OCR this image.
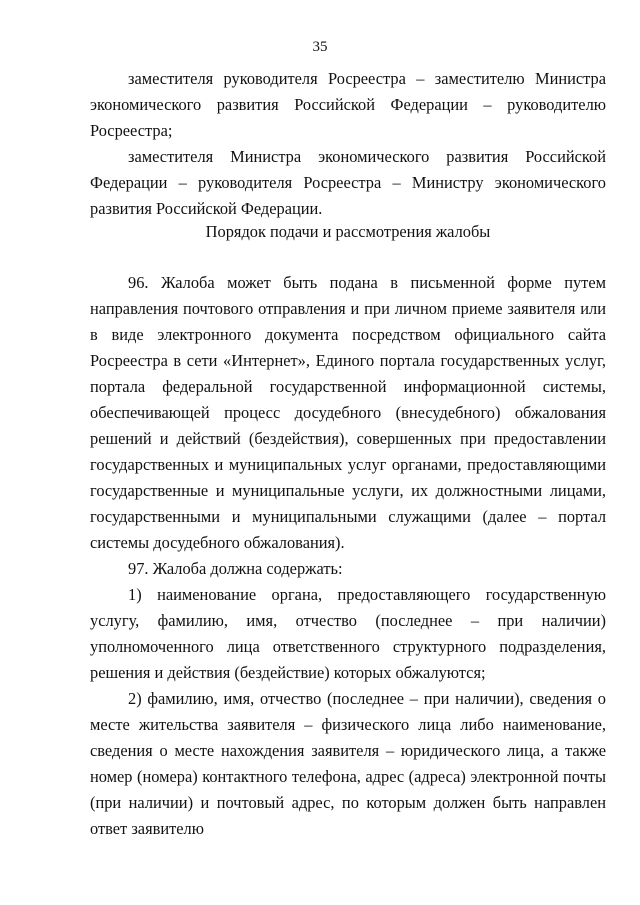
35

заместителя руководителя Росреестра – заместителю Министра экономического развития Российской Федерации – руководителю Росреестра;

заместителя Министра экономического развития Российской Федерации – руководителя Росреестра – Министру экономического развития Российской Федерации.

Порядок подачи и рассмотрения жалобы

96. Жалоба может быть подана в письменной форме путем направления почтового отправления и при личном приеме заявителя или в виде электронного документа посредством официального сайта Росреестра в сети «Интернет», Единого портала государственных услуг, портала федеральной государственной информационной системы, обеспечивающей процесс досудебного (внесудебного) обжалования решений и действий (бездействия), совершенных при предоставлении государственных и муниципальных услуг органами, предоставляющими государственные и муниципальные услуги, их должностными лицами, государственными и муниципальными служащими (далее – портал системы досудебного обжалования).

97. Жалоба должна содержать:

1) наименование органа, предоставляющего государственную услугу, фамилию, имя, отчество (последнее – при наличии) уполномоченного лица ответственного структурного подразделения, решения и действия (бездействие) которых обжалуются;

2) фамилию, имя, отчество (последнее – при наличии), сведения о месте жительства заявителя – физического лица либо наименование, сведения о месте нахождения заявителя – юридического лица, а также номер (номера) контактного телефона, адрес (адреса) электронной почты (при наличии) и почтовый адрес, по которым должен быть направлен ответ заявителю
